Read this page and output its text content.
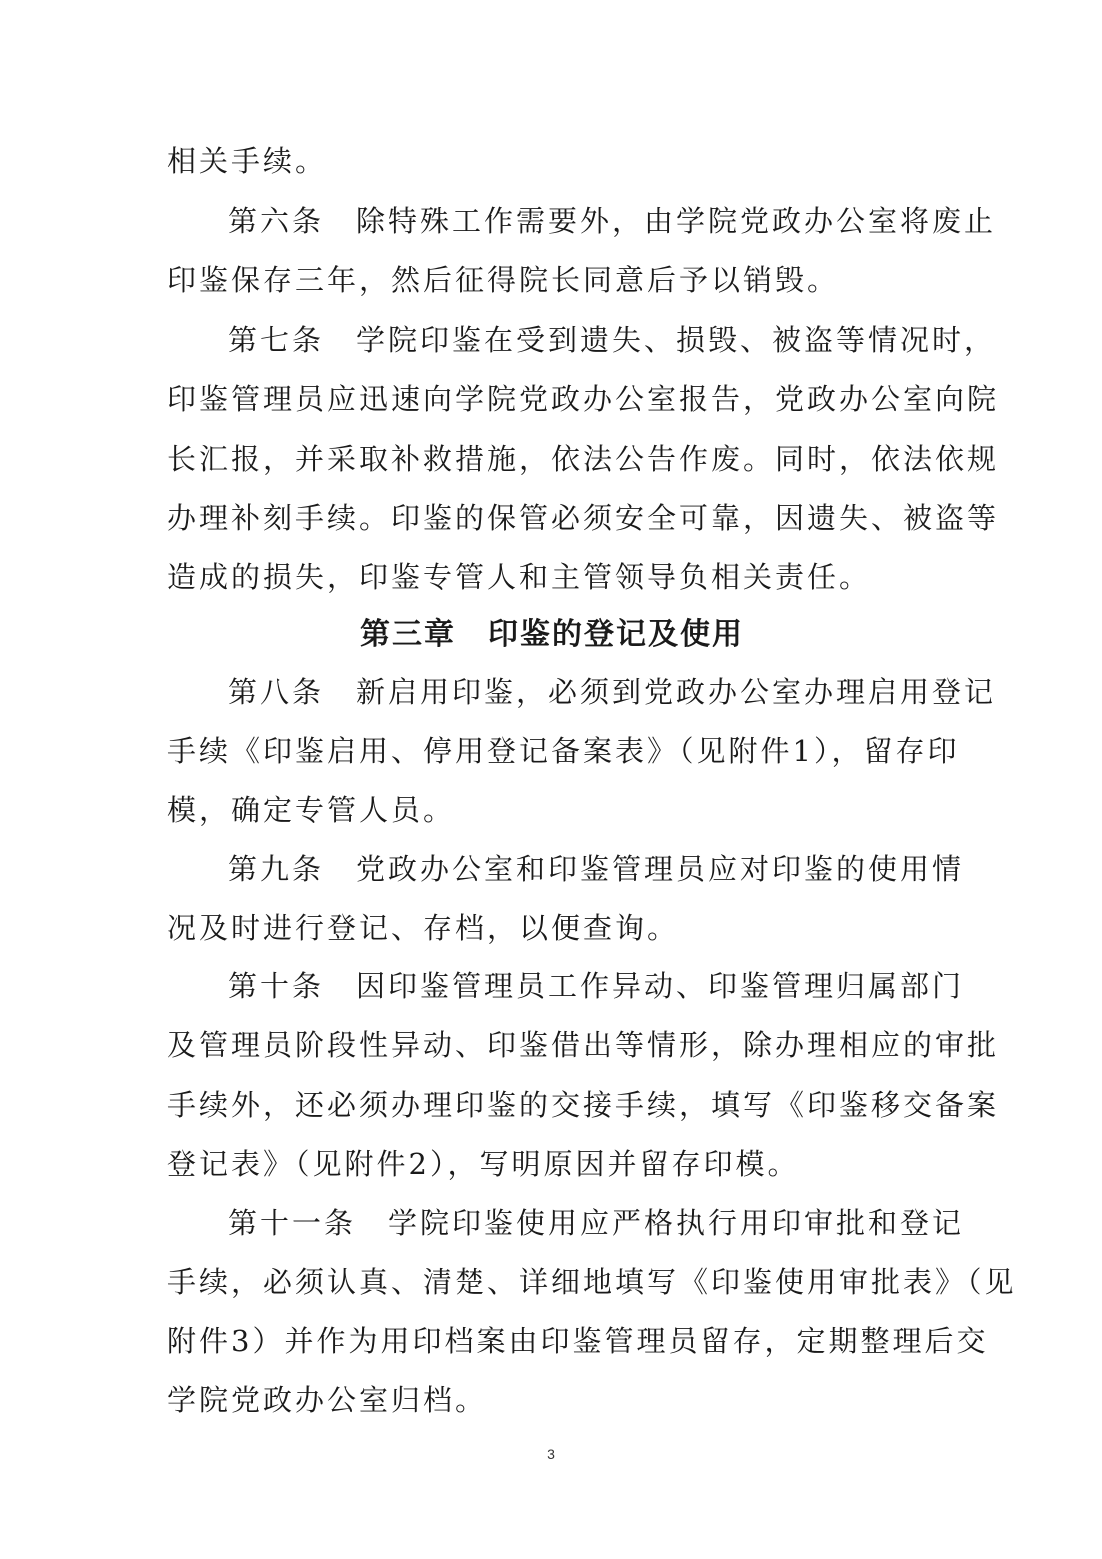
相关手续。
第六条　除特殊工作需要外，由学院党政办公室将废止
印鉴保存三年，然后征得院长同意后予以销毁。
第七条　学院印鉴在受到遗失、损毁、被盗等情况时，
印鉴管理员应迅速向学院党政办公室报告，党政办公室向院
长汇报，并采取补救措施，依法公告作废。同时，依法依规
办理补刻手续。印鉴的保管必须安全可靠，因遗失、被盗等
造成的损失，印鉴专管人和主管领导负相关责任。
第三章　印鉴的登记及使用
第八条　新启用印鉴，必须到党政办公室办理启用登记
手续《印鉴启用、停用登记备案表》（见附件1），留存印
模，确定专管人员。
第九条　党政办公室和印鉴管理员应对印鉴的使用情
况及时进行登记、存档，以便查询。
第十条　因印鉴管理员工作异动、印鉴管理归属部门
及管理员阶段性异动、印鉴借出等情形，除办理相应的审批
手续外，还必须办理印鉴的交接手续，填写《印鉴移交备案
登记表》（见附件2），写明原因并留存印模。
第十一条　学院印鉴使用应严格执行用印审批和登记
手续，必须认真、清楚、详细地填写《印鉴使用审批表》（见
附件3）并作为用印档案由印鉴管理员留存，定期整理后交
学院党政办公室归档。
3
